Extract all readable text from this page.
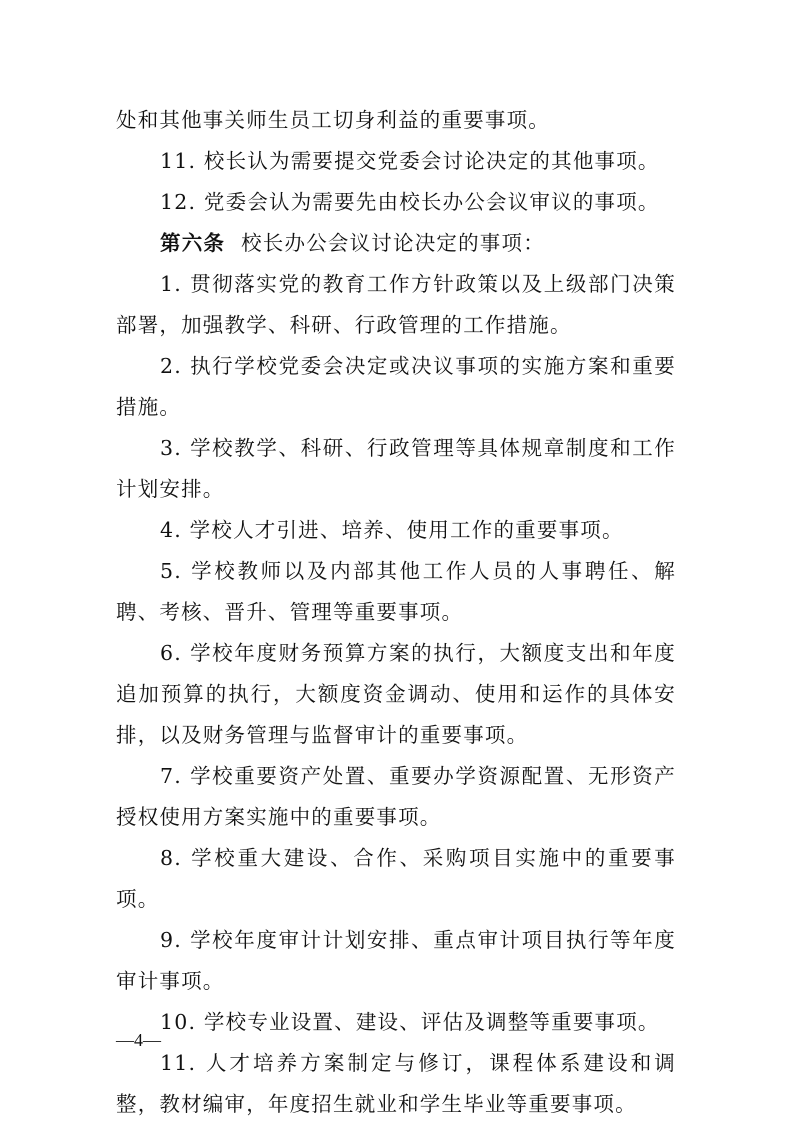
处和其他事关师生员工切身利益的重要事项。

11. 校长认为需要提交党委会讨论决定的其他事项。

12. 党委会认为需要先由校长办公会议审议的事项。

第六条 校长办公会议讨论决定的事项：

1. 贯彻落实党的教育工作方针政策以及上级部门决策部署，加强教学、科研、行政管理的工作措施。

2. 执行学校党委会决定或决议事项的实施方案和重要措施。

3. 学校教学、科研、行政管理等具体规章制度和工作计划安排。

4. 学校人才引进、培养、使用工作的重要事项。

5. 学校教师以及内部其他工作人员的人事聘任、解聘、考核、晋升、管理等重要事项。

6. 学校年度财务预算方案的执行，大额度支出和年度追加预算的执行，大额度资金调动、使用和运作的具体安排，以及财务管理与监督审计的重要事项。

7. 学校重要资产处置、重要办学资源配置、无形资产授权使用方案实施中的重要事项。

8. 学校重大建设、合作、采购项目实施中的重要事项。

9. 学校年度审计计划安排、重点审计项目执行等年度审计事项。

10. 学校专业设置、建设、评估及调整等重要事项。

11. 人才培养方案制定与修订，课程体系建设和调整，教材编审，年度招生就业和学生毕业等重要事项。

—4—
